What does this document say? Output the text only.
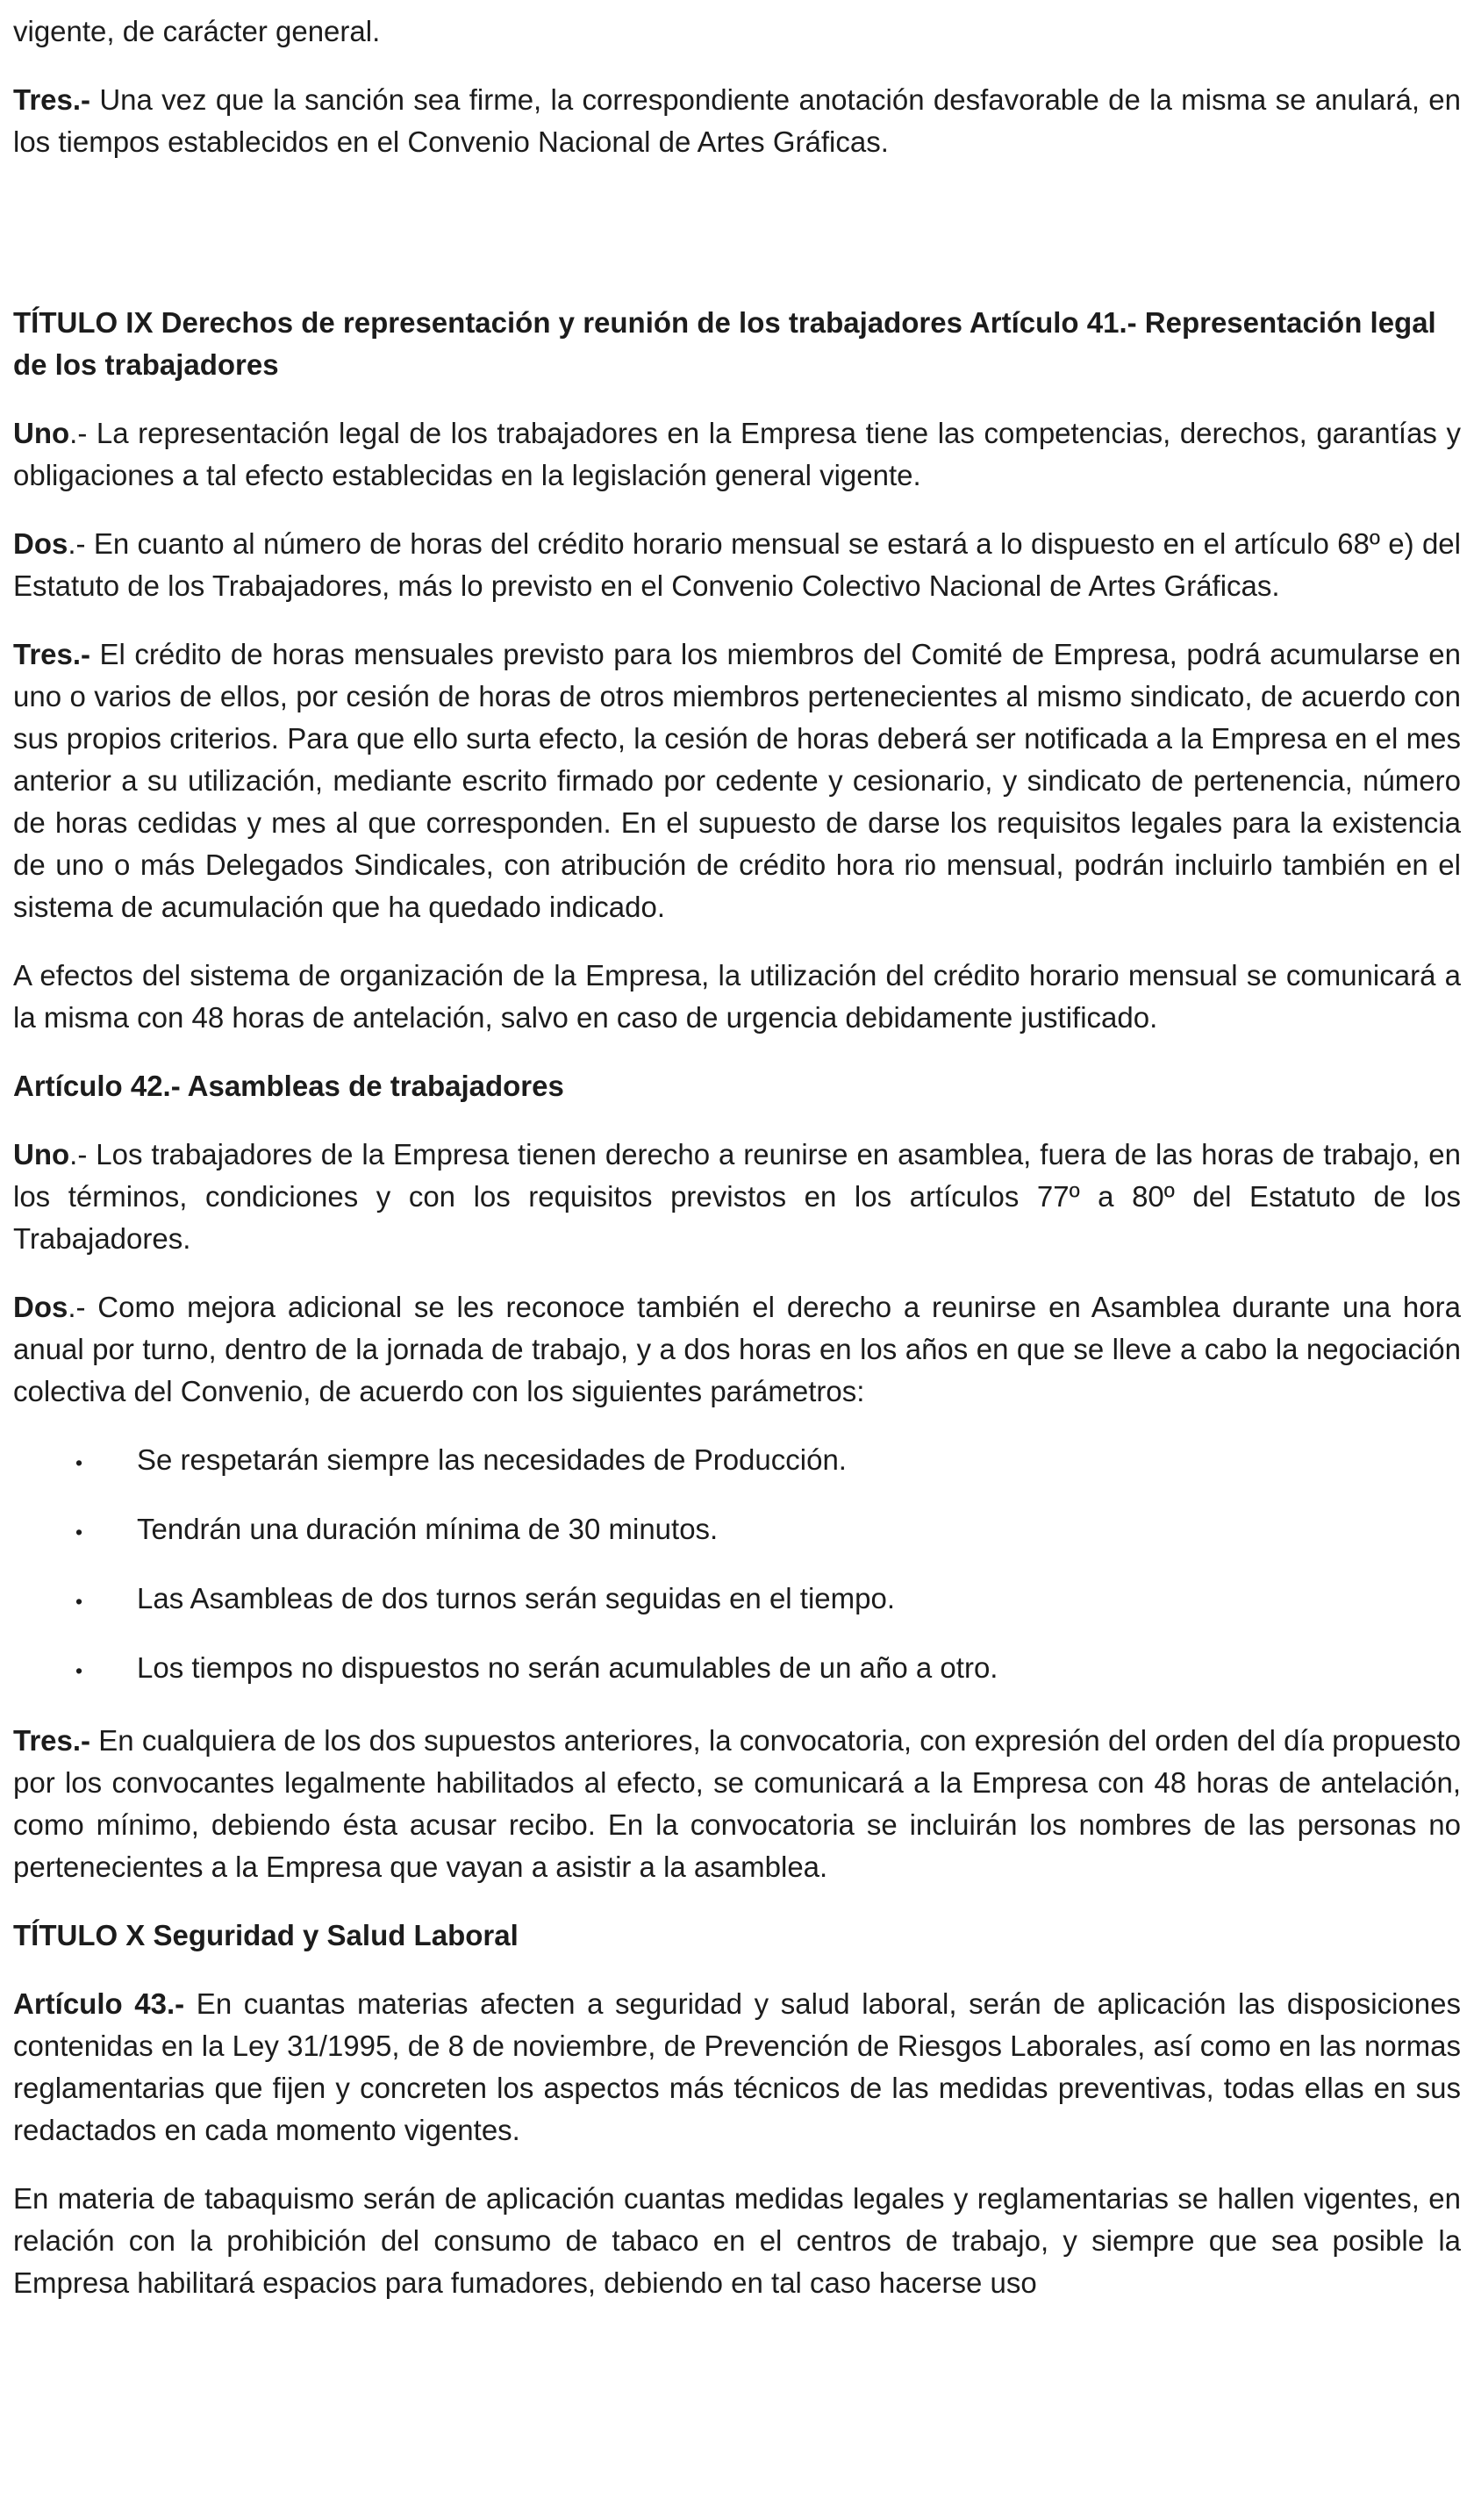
vigente, de carácter general.

Tres.- Una vez que la sanción sea firme, la correspondiente anotación desfavorable de la misma se anulará, en los tiempos establecidos en el Convenio Nacional de Artes Gráficas.

TÍTULO IX Derechos de representación y reunión de los trabajadores Artículo 41.- Representación legal de los trabajadores

Uno.- La representación legal de los trabajadores en la Empresa tiene las competencias, derechos, garantías y obligaciones a tal efecto establecidas en la legislación general vigente.

Dos.- En cuanto al número de horas del crédito horario mensual se estará a lo dispuesto en el artículo 68º e) del Estatuto de los Trabajadores, más lo previsto en el Convenio Colectivo Nacional de Artes Gráficas.

Tres.- El crédito de horas mensuales previsto para los miembros del Comité de Empresa, podrá acumularse en uno o varios de ellos, por cesión de horas de otros miembros pertenecientes al mismo sindicato, de acuerdo con sus propios criterios. Para que ello surta efecto, la cesión de horas deberá ser notificada a la Empresa en el mes anterior a su utilización, mediante escrito firmado por cedente y cesionario, y sindicato de pertenencia, número de horas cedidas y mes al que corresponden. En el supuesto de darse los requisitos legales para la existencia de uno o más Delegados Sindicales, con atribución de crédito hora rio mensual, podrán incluirlo también en el sistema de acumulación que ha quedado indicado.

A efectos del sistema de organización de la Empresa, la utilización del crédito horario mensual se comunicará a la misma con 48 horas de antelación, salvo en caso de urgencia debidamente justificado.

Artículo 42.- Asambleas de trabajadores

Uno.- Los trabajadores de la Empresa tienen derecho a reunirse en asamblea, fuera de las horas de trabajo, en los términos, condiciones y con los requisitos previstos en los artículos 77º a 80º del Estatuto de los Trabajadores.

Dos.- Como mejora adicional se les reconoce también el derecho a reunirse en Asamblea durante una hora anual por turno, dentro de la jornada de trabajo, y a dos horas en los años en que se lleve a cabo la negociación colectiva del Convenio, de acuerdo con los siguientes parámetros:

•	Se respetarán siempre las necesidades de Producción.
•	Tendrán una duración mínima de 30 minutos.
•	Las Asambleas de dos turnos serán seguidas en el tiempo.
•	Los tiempos no dispuestos no serán acumulables de un año a otro.

Tres.- En cualquiera de los dos supuestos anteriores, la convocatoria, con expresión del orden del día propuesto por los convocantes legalmente habilitados al efecto, se comunicará a la Empresa con 48 horas de antelación, como mínimo, debiendo ésta acusar recibo. En la convocatoria se incluirán los nombres de las personas no pertenecientes a la Empresa que vayan a asistir a la asamblea.

TÍTULO X Seguridad y Salud Laboral

Artículo 43.- En cuantas materias afecten a seguridad y salud laboral, serán de aplicación las disposiciones contenidas en la Ley 31/1995, de 8 de noviembre, de Prevención de Riesgos Laborales, así como en las normas reglamentarias que fijen y concreten los aspectos más técnicos de las medidas preventivas, todas ellas en sus redactados en cada momento vigentes.

En materia de tabaquismo serán de aplicación cuantas medidas legales y reglamentarias se hallen vigentes, en relación con la prohibición del consumo de tabaco en el centros de trabajo, y siempre que sea posible la Empresa habilitará espacios para fumadores, debiendo en tal caso hacerse uso
